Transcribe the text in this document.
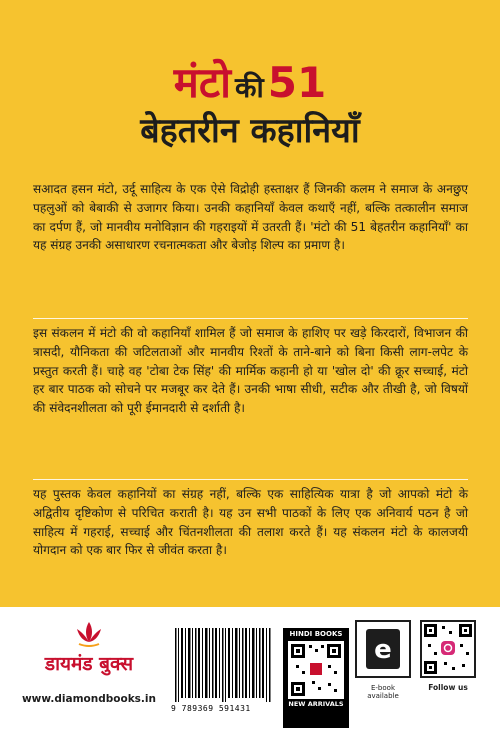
मंटो की51
बेहतरीन कहानियाँ

सआदत हसन मंटो, उर्दू साहित्य के एक ऐसे विद्रोही हस्ताक्षर हैं जिनकी कलम ने समाज के अनछुए पहलुओं को बेबाकी से उजागर किया। उनकी कहानियाँ केवल कथाएँ नहीं, बल्कि तत्कालीन समाज का दर्पण हैं, जो मानवीय मनोविज्ञान की गहराइयों में उतरती हैं। 'मंटो की 51 बेहतरीन कहानियाँ' का यह संग्रह उनकी असाधारण रचनात्मकता और बेजोड़ शिल्प का प्रमाण है।

इस संकलन में मंटो की वो कहानियाँ शामिल हैं जो समाज के हाशिए पर खड़े किरदारों, विभाजन की त्रासदी, यौनिकता की जटिलताओं और मानवीय रिश्तों के ताने-बाने को बिना किसी लाग-लपेट के प्रस्तुत करती हैं। चाहे वह 'टोबा टेक सिंह' की मार्मिक कहानी हो या 'खोल दो' की क्रूर सच्चाई, मंटो हर बार पाठक को सोचने पर मजबूर कर देते हैं। उनकी भाषा सीधी, सटीक और तीखी है, जो विषयों की संवेदनशीलता को पूरी ईमानदारी से दर्शाती है।

यह पुस्तक केवल कहानियों का संग्रह नहीं, बल्कि एक साहित्यिक यात्रा है जो आपको मंटो के अद्वितीय दृष्टिकोण से परिचित कराती है। यह उन सभी पाठकों के लिए एक अनिवार्य पठन है जो साहित्य में गहराई, सच्चाई और चिंतनशीलता की तलाश करते हैं। यह संकलन मंटो के कालजयी योगदान को एक बार फिर से जीवंत करता है।

डायमंड बुक्स
www.diamondbooks.in
9 789369 591431
HINDI BOOKS
NEW ARRIVALS
e
E-book available
Follow us
